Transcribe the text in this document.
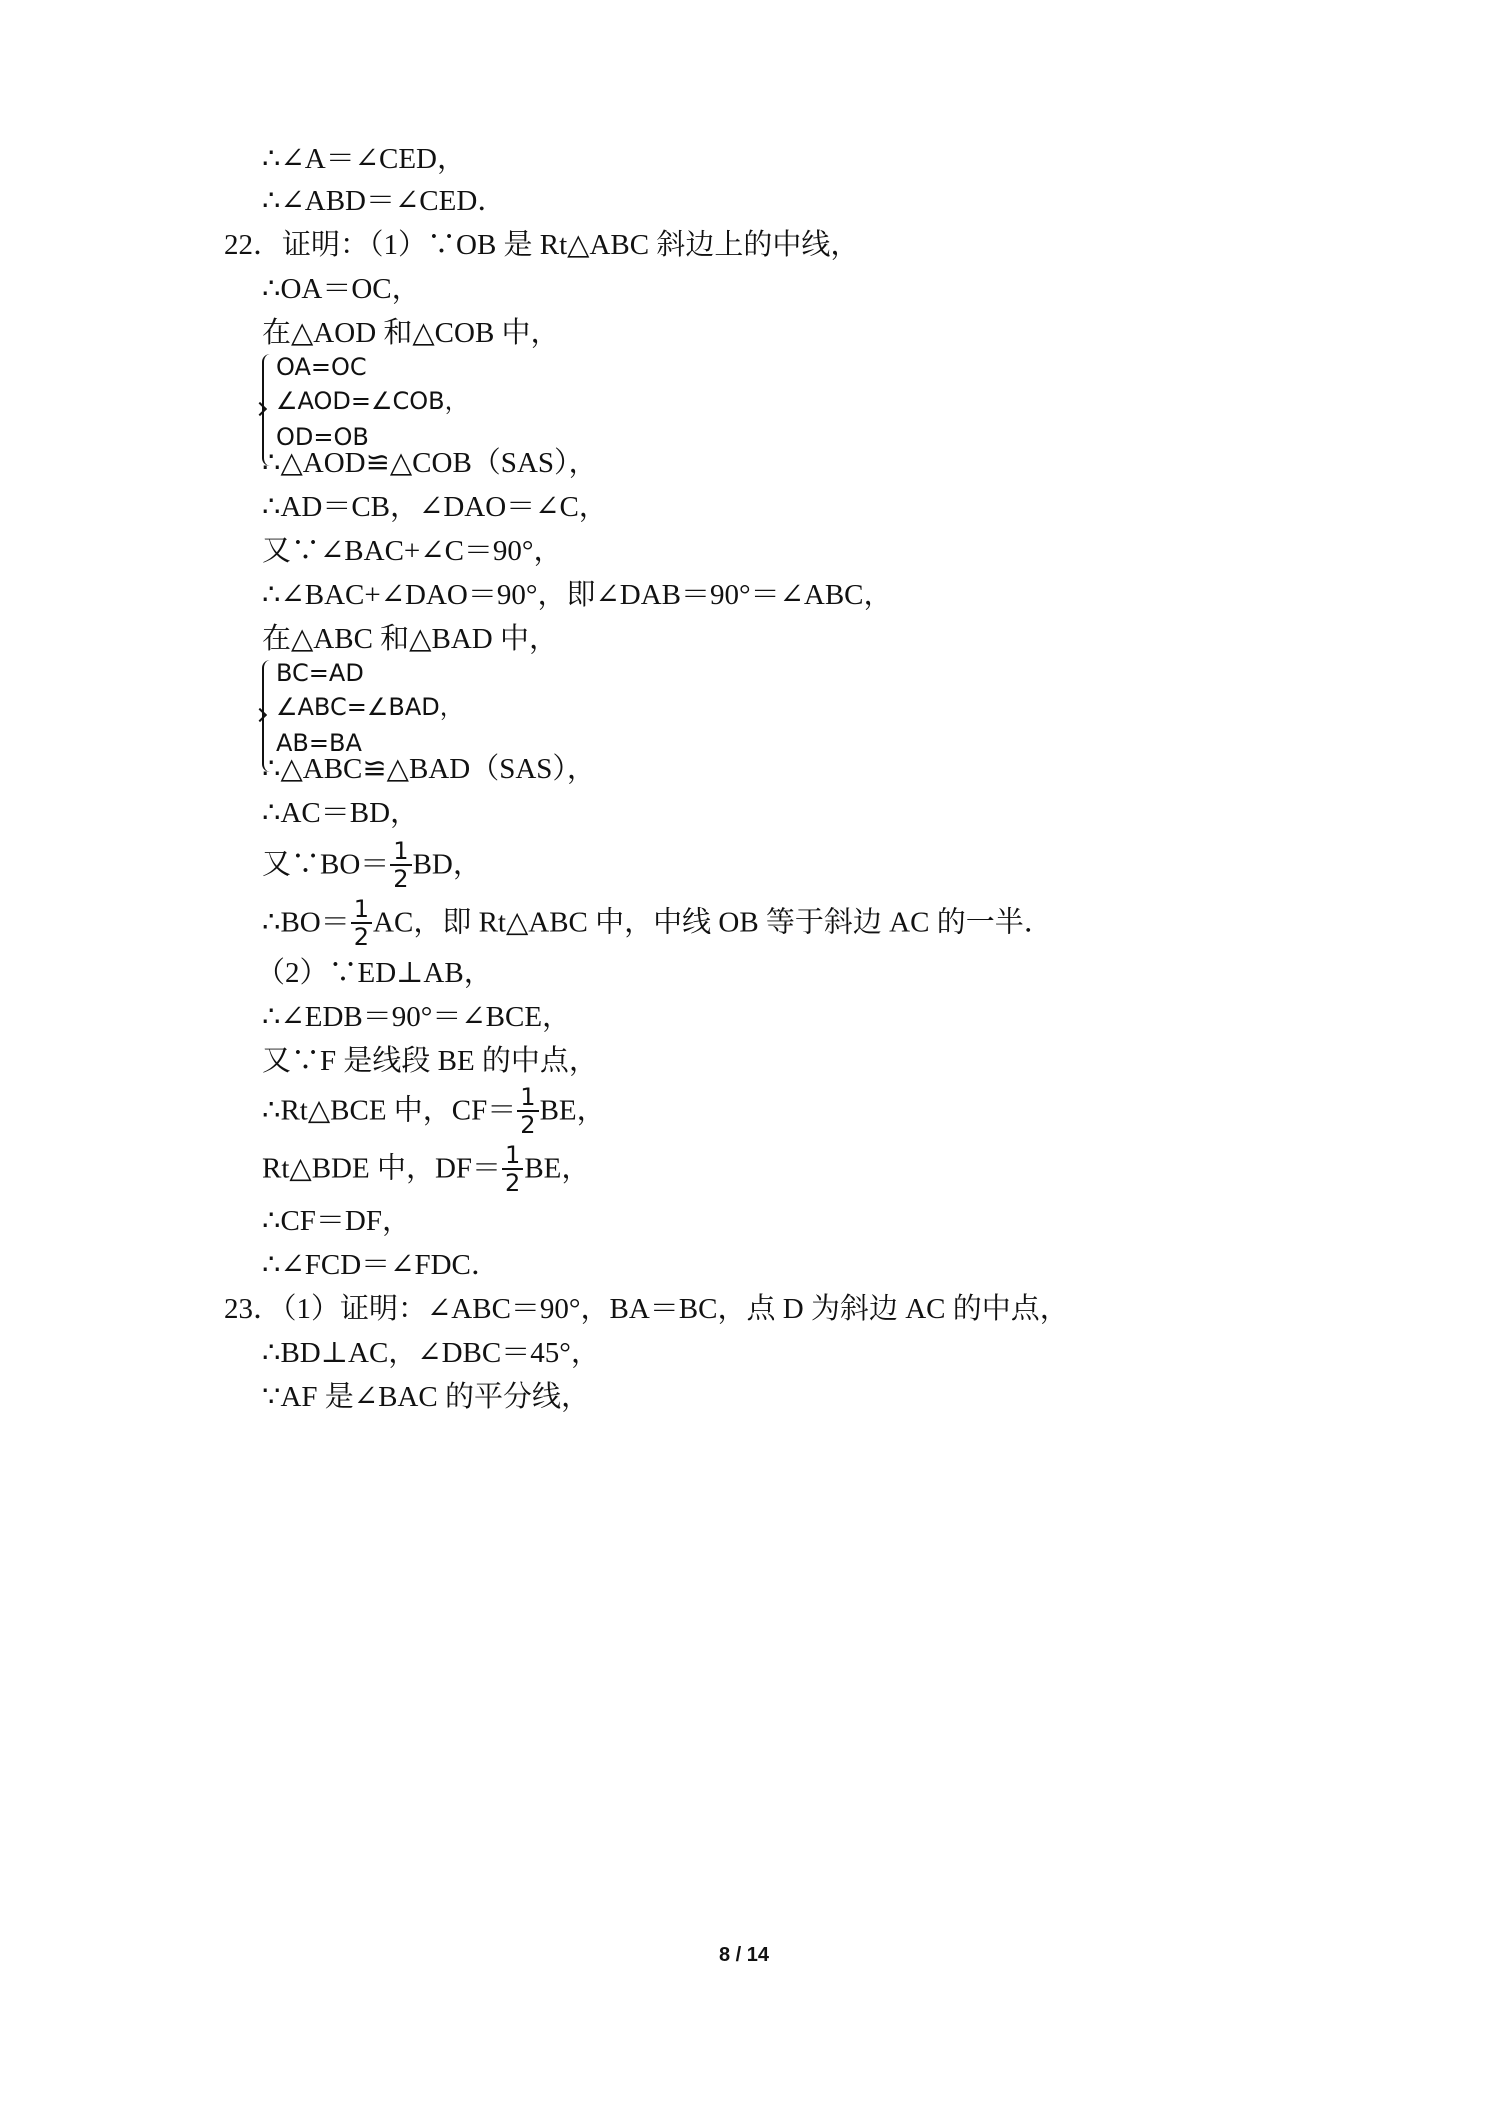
∴∠A＝∠CED，
∴∠ABD＝∠CED．
22．证明：（1）∵OB 是 Rt△ABC 斜边上的中线，
∴OA＝OC，
在△AOD 和△COB 中，
OA=OC
∠AOD=∠COB，
OD=OB
∴△AOD≌△COB（SAS），
∴AD＝CB，∠DAO＝∠C，
又∵∠BAC+∠C＝90°，
∴∠BAC+∠DAO＝90°，即∠DAB＝90°＝∠ABC，
在△ABC 和△BAD 中，
BC=AD
∠ABC=∠BAD，
AB=BA
∴△ABC≌△BAD（SAS），
∴AC＝BD，
又∵BO＝ $\frac{1}{2}$ BD，
∴BO＝ $\frac{1}{2}$ AC，即 Rt△ABC 中，中线 OB 等于斜边 AC 的一半．
（2）∵ED⊥AB，
∴∠EDB＝90°＝∠BCE，
又∵F 是线段 BE 的中点，
∴Rt△BCE 中，$CF= \frac{1}{2}$ BE，
Rt△BDE 中，$DF= \frac{1}{2}$ BE，
∴CF＝DF，
∴∠FCD＝∠FDC．
23．（1）证明：∠ABC＝90°，BA＝BC，点 D 为斜边 AC 的中点，
∴BD⊥AC，∠DBC＝45°，
∵AF 是∠BAC 的平分线，
8 / 14
